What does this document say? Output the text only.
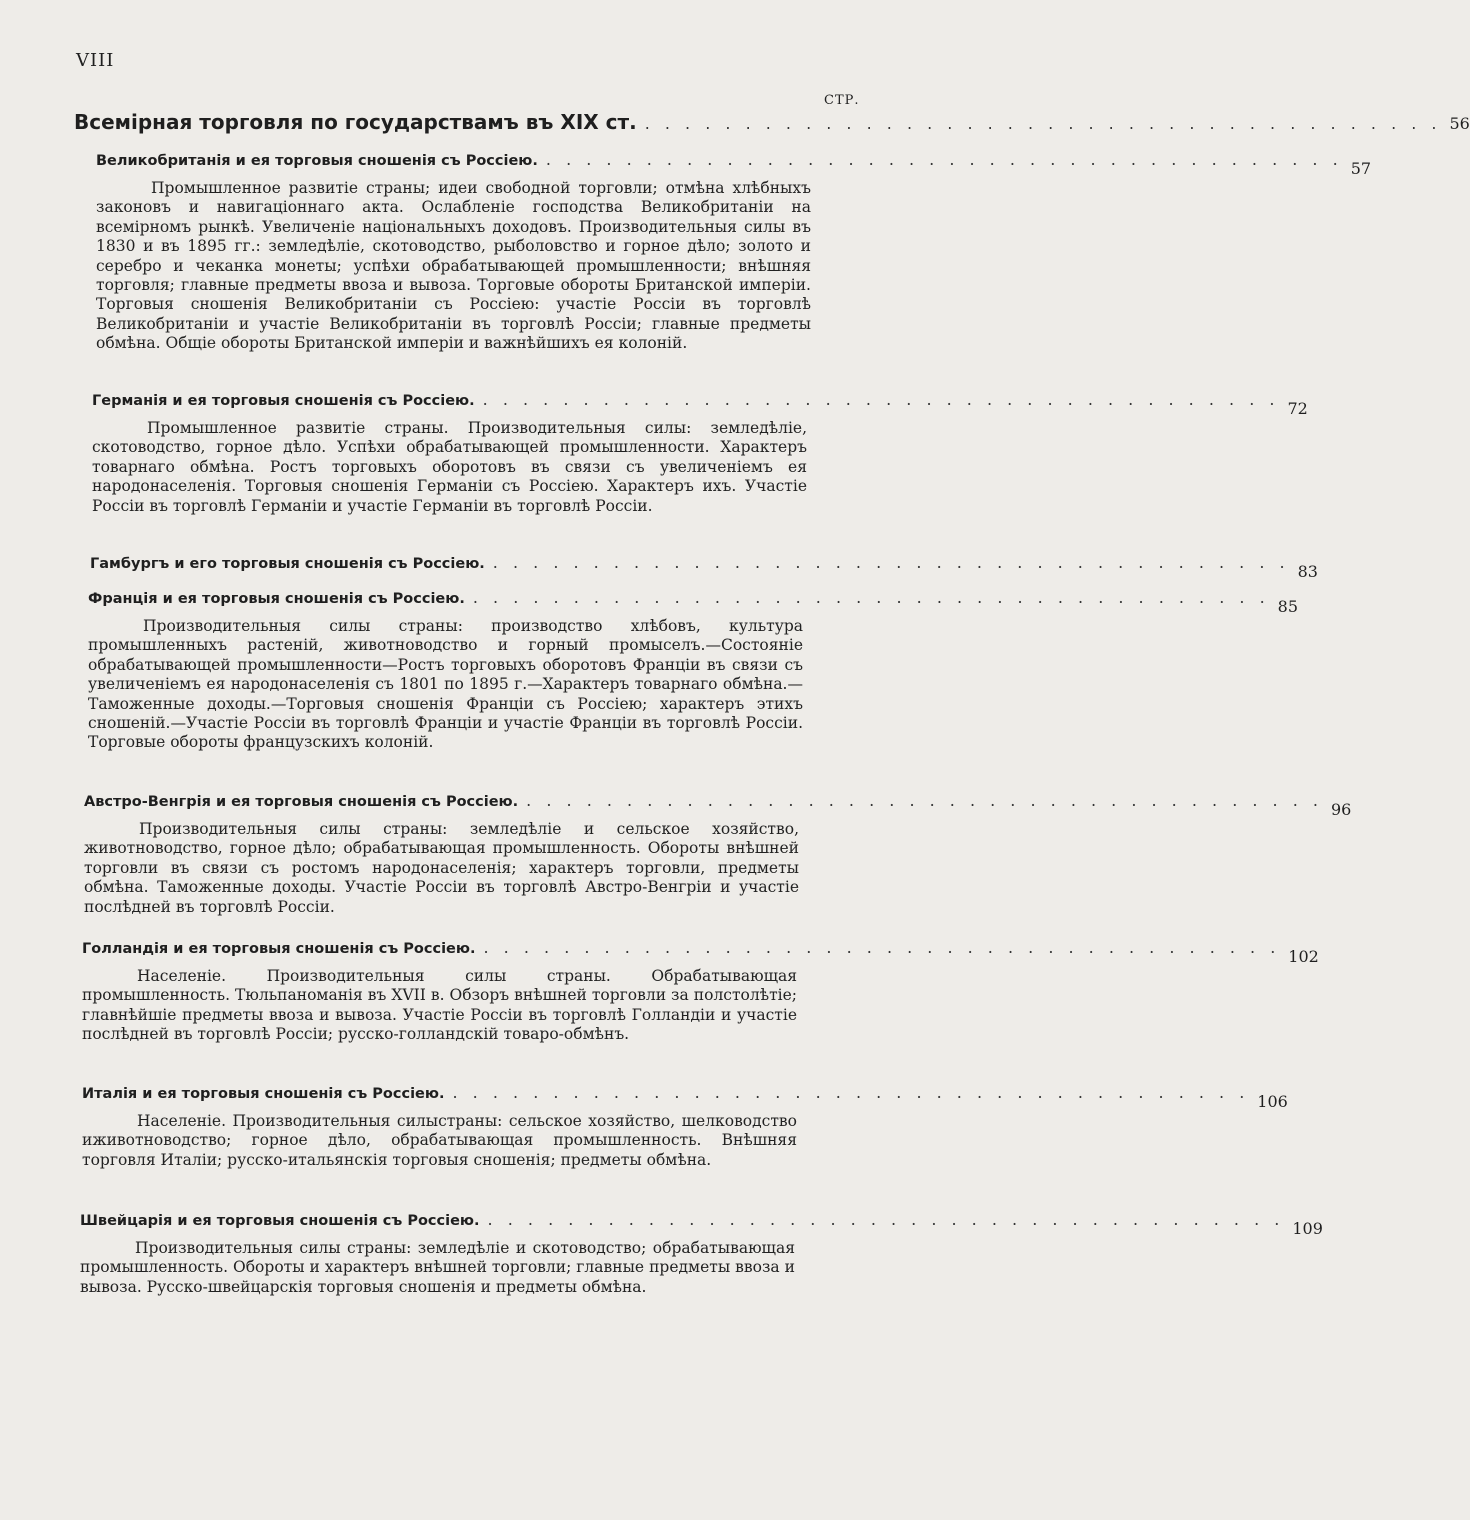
VIII
СТР.
Всемірная торговля по государствамъ въ XIX ст. . . . . . . . . . . . . . . . . . . . . . . . . . . . . . . . . . . . . . . . . 56
Великобританія и ея торговыя сношенія съ Россіею. . . . . . . . . . . . . . . . . . . . . . . . . . . . . . . . . . . . . . . . . 57

Промышленное развитіе страны; идеи свободной торговли; отмѣна хлѣбныхъ законовъ и навигаціоннаго акта. Ослабленіе господства Великобританіи на всемірномъ рынкѣ. Увеличеніе національныхъ доходовъ. Производительныя силы въ 1830 и въ 1895 гг.: земледѣліе, скотоводство, рыболовство и горное дѣло; золото и серебро и чеканка монеты; успѣхи обрабатывающей промышленности; внѣшняя торговля; главные предметы ввоза и вывоза. Торговые обороты Британской имперіи. Торговыя сношенія Великобританіи съ Россіею: участіе Россіи въ торговлѣ Великобританіи и участіе Великобританіи въ торговлѣ Россіи; главные предметы обмѣна. Общіе обороты Британской имперіи и важнѣйшихъ ея колоній.

Германія и ея торговыя сношенія съ Россіею. . . . . . . . . . . . . . . . . . . . . . . . . . . . . . . . . . . . . . . . . 72

Промышленное развитіе страны. Производительныя силы: земледѣліе, скотоводство, горное дѣло. Успѣхи обрабатывающей промышленности. Характеръ товарнаго обмѣна. Ростъ торговыхъ оборотовъ въ связи съ увеличеніемъ ея народонаселенія. Торговыя сношенія Германіи съ Россіею. Характеръ ихъ. Участіе Россіи въ торговлѣ Германіи и участіе Германіи въ торговлѣ Россіи.

Гамбургъ и его торговыя сношенія съ Россіею. . . . . . . . . . . . . . . . . . . . . . . . . . . . . . . . . . . . . . . . . 83
Франція и ея торговыя сношенія съ Россіею. . . . . . . . . . . . . . . . . . . . . . . . . . . . . . . . . . . . . . . . . 85

Производительныя силы страны: производство хлѣбовъ, культура промышленныхъ растеній, животноводство и горный промыселъ.—Состояніе обрабатывающей промышленности—Ростъ торговыхъ оборотовъ Франціи въ связи съ увеличеніемъ ея народонаселенія съ 1801 по 1895 г.—Характеръ товарнаго обмѣна.—Таможенные доходы.—Торговыя сношенія Франціи съ Россіею; характеръ этихъ сношеній.—Участіе Россіи въ торговлѣ Франціи и участіе Франціи въ торговлѣ Россіи. Торговые обороты французскихъ колоній.

Австро-Венгрія и ея торговыя сношенія съ Россіею. . . . . . . . . . . . . . . . . . . . . . . . . . . . . . . . . . . . . . . . . 96

Производительныя силы страны: земледѣліе и сельское хозяйство, животноводство, горное дѣло; обрабатывающая промышленность. Обороты внѣшней торговли въ связи съ ростомъ народонаселенія; характеръ торговли, предметы обмѣна. Таможенные доходы. Участіе Россіи въ торговлѣ Австро-Венгріи и участіе послѣдней въ торговлѣ Россіи.

Голландія и ея торговыя сношенія съ Россіею. . . . . . . . . . . . . . . . . . . . . . . . . . . . . . . . . . . . . . . . . 102

Населеніе. Производительныя силы страны. Обрабатывающая промышленность. Тюльпаноманія въ XVII в. Обзоръ внѣшней торговли за полстолѣтіе; главнѣйшіе предметы ввоза и вывоза. Участіе Россіи въ торговлѣ Голландіи и участіе послѣдней въ торговлѣ Россіи; русско-голландскій товаро-обмѣнъ.

Италія и ея торговыя сношенія съ Россіею. . . . . . . . . . . . . . . . . . . . . . . . . . . . . . . . . . . . . . . . . 106

Населеніе. Производительныя силыстраны: сельское хозяйство, шелководство иживотноводство; горное дѣло, обрабатывающая промышленность. Внѣшняя торговля Италіи; русско-итальянскія торговыя сношенія; предметы обмѣна.

Швейцарія и ея торговыя сношенія съ Россіею. . . . . . . . . . . . . . . . . . . . . . . . . . . . . . . . . . . . . . . . . 109

Производительныя силы страны: земледѣліе и скотоводство; обрабатывающая промышленность. Обороты и характеръ внѣшней торговли; главные предметы ввоза и вывоза. Русско-швейцарскія торговыя сношенія и предметы обмѣна.
